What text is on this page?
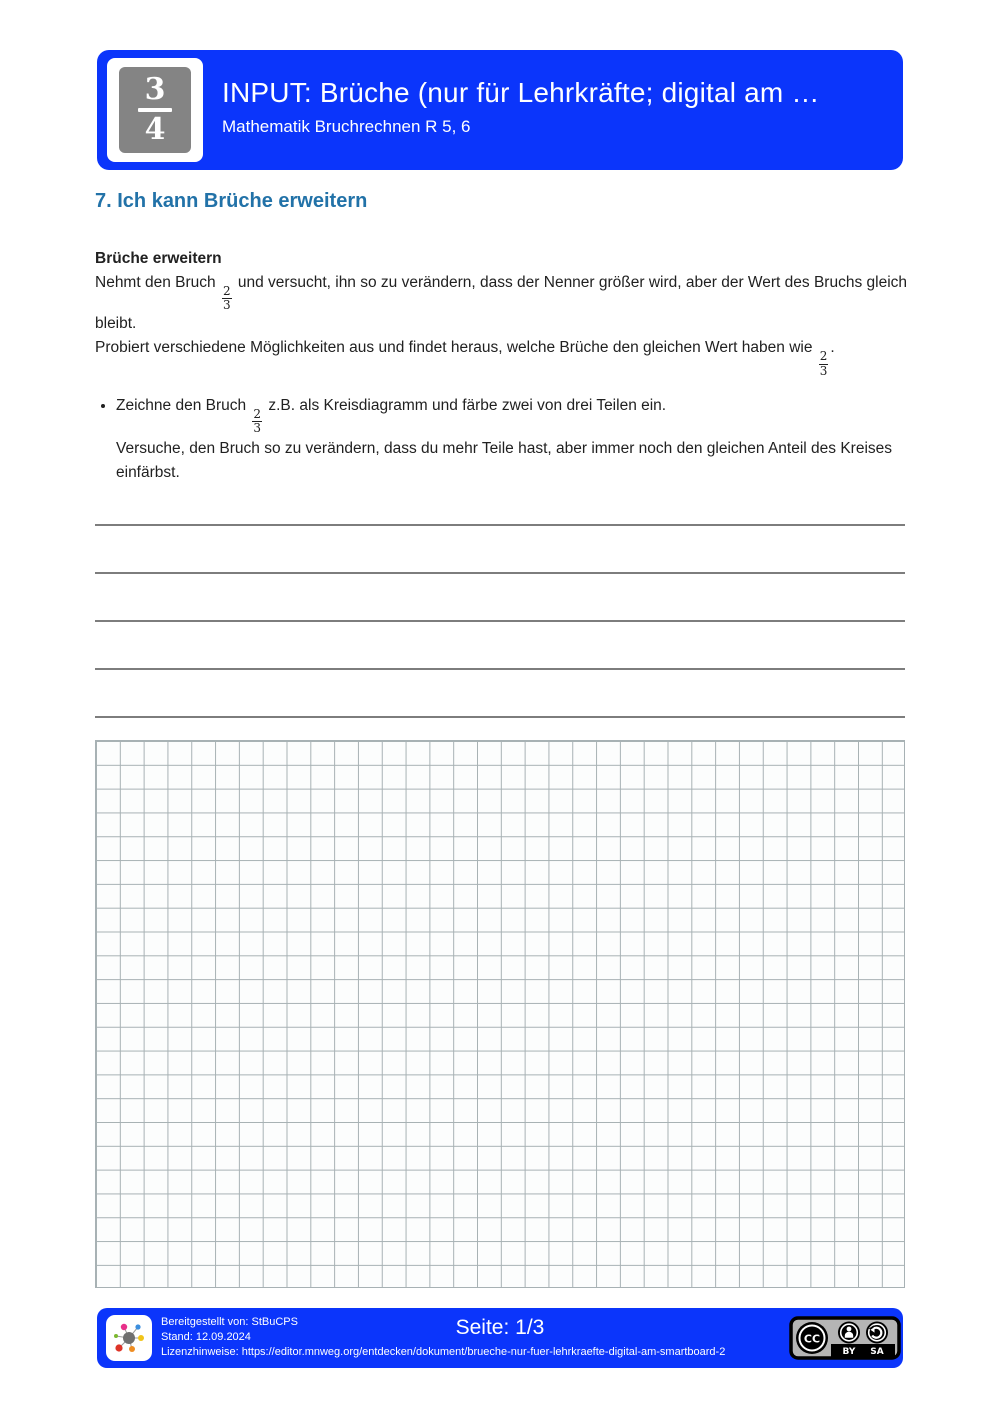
3
4
INPUT: Brüche (nur für Lehrkräfte; digital am …
Mathematik Bruchrechnen R 5, 6
7. Ich kann Brüche erweitern

Brüche erweitern

Nehmt den Bruch
$\frac{2}{3}$
und versucht, ihn so zu verändern, dass der Nenner größer wird, aber der Wert des Bruchs gleich bleibt.

Probiert verschiedene Möglichkeiten aus und findet heraus, welche Brüche den gleichen Wert haben wie
$\frac{2}{3}$
.

• Zeichne den Bruch
$\frac{2}{3}$
z.B. als Kreisdiagramm und färbe zwei von drei Teilen ein.

Versuche, den Bruch so zu verändern, dass du mehr Teile hast, aber immer noch den gleichen Anteil des Kreises einfärbst.

Bereitgestellt von: StBuCPS
Stand: 12.09.2024
Lizenzhinweise: https://editor.mnweg.org/entdecken/dokument/brueche-nur-fuer-lehrkraefte-digital-am-smartboard-2
Seite: 1/3	CC
BY SA
